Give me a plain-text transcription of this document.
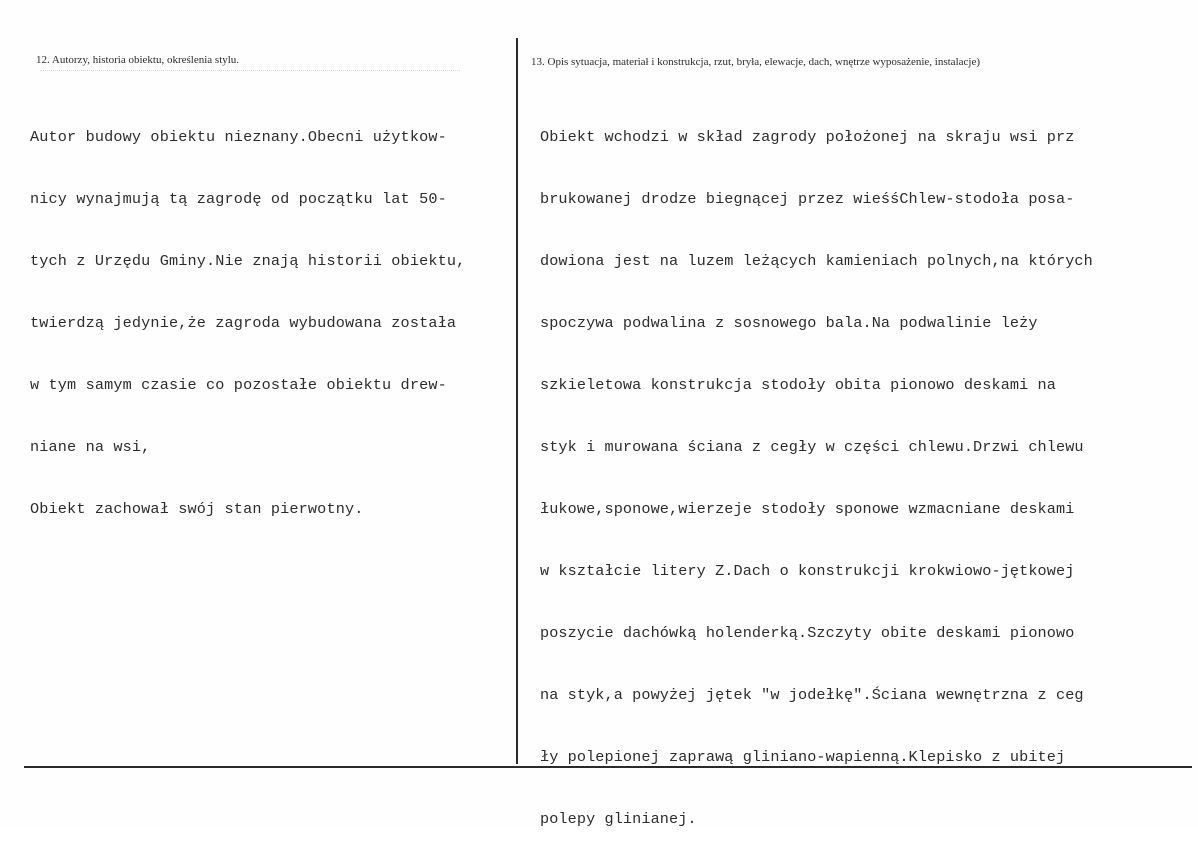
12. Autorzy, historia obiektu, określenia stylu.	13. Opis sytuacja, materiał i konstrukcja, rzut, bryła, elewacje, dach, wnętrze wyposażenie, instalacje)

Autor budowy obiektu nieznany.Obecni użytkow-

nicy wynajmują tą zagrodę od początku lat 50-

tych z Urzędu Gminy.Nie znają historii obiektu,

twierdzą jedynie,że zagroda wybudowana została

w tym samym czasie co pozostałe obiektu drew-

niane na wsi,

Obiekt zachował swój stan pierwotny.

Obiekt wchodzi w skład zagrody położonej na skraju wsi prz

brukowanej drodze biegnącej przez wieśśChlew-stodoła posa-

dowiona jest na luzem leżących kamieniach polnych,na których

spoczywa podwalina z sosnowego bala.Na podwalinie leży

szkieletowa konstrukcja stodoły obita pionowo deskami na

styk i murowana ściana z cegły w części chlewu.Drzwi chlewu

łukowe,sponowe,wierzeje stodoły sponowe wzmacniane deskami

w kształcie litery Z.Dach o konstrukcji krokwiowo-jętkowej

poszycie dachówką holenderką.Szczyty obite deskami pionowo

na styk,a powyżej jętek "w jodełkę".Ściana wewnętrzna z ceg

ły polepionej zaprawą gliniano-wapienną.Klepisko z ubitej

polepy glinianej.
